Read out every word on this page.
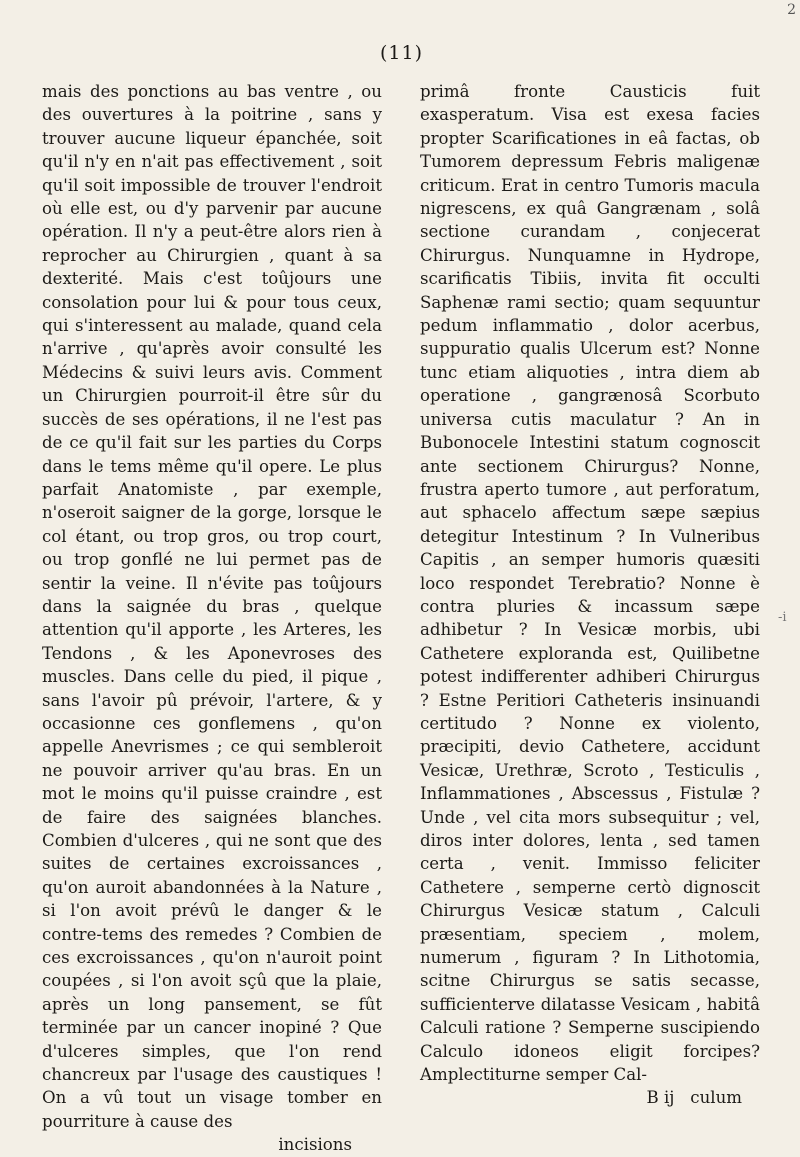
(11)
2

mais des ponctions au bas ventre , ou des ouvertures à la poitrine , sans y trouver aucune liqueur épanchée, soit qu'il n'y en n'ait pas effectivement , soit qu'il soit impossible de trouver l'endroit où elle est, ou d'y parvenir par aucune opération. Il n'y a peut-être alors rien à reprocher au Chirurgien , quant à sa dexterité. Mais c'est toûjours une consolation pour lui & pour tous ceux, qui s'interessent au malade, quand cela n'arrive , qu'après avoir consulté les Médecins & suivi leurs avis. Comment un Chirurgien pourroit-il être sûr du succès de ses opérations, il ne l'est pas de ce qu'il fait sur les parties du Corps dans le tems même qu'il opere. Le plus parfait Anatomiste , par exemple, n'oseroit saigner de la gorge, lorsque le col étant, ou trop gros, ou trop court, ou trop gonflé ne lui permet pas de sentir la veine. Il n'évite pas toûjours dans la saignée du bras , quelque attention qu'il apporte , les Arteres, les Tendons , & les Aponevroses des muscles. Dans celle du pied, il pique , sans l'avoir pû prévoir, l'artere, & y occasionne ces gonflemens , qu'on appelle Anevrismes ; ce qui sembleroit ne pouvoir arriver qu'au bras. En un mot le moins qu'il puisse craindre , est de faire des saignées blanches. Combien d'ulceres , qui ne sont que des suites de certaines excroissances , qu'on auroit abandonnées à la Nature , si l'on avoit prévû le danger & le contre-tems des remedes ? Combien de ces excroissances , qu'on n'auroit point coupées , si l'on avoit sçû que la plaie, après un long pansement, se fût terminée par un cancer inopiné ? Que d'ulceres simples, que l'on rend chancreux par l'usage des caustiques ! On a vû tout un visage tomber en pourriture à cause des

incisions

primâ fronte Causticis fuit exasperatum. Visa est exesa facies propter Scarificationes in eâ factas, ob Tumorem depressum Febris maligenæ criticum. Erat in centro Tumoris macula nigrescens, ex quâ Gangrænam , solâ sectione curandam , conjecerat Chirurgus. Nunquamne in Hydrope, scarificatis Tibiis, invita fit occulti Saphenæ rami sectio; quam sequuntur pedum inflammatio , dolor acerbus, suppuratio qualis Ulcerum est? Nonne tunc etiam aliquoties , intra diem ab operatione , gangrænosâ Scorbuto universa cutis maculatur ? An in Bubonocele Intestini statum cognoscit ante sectionem Chirurgus? Nonne, frustra aperto tumore , aut perforatum, aut sphacelo affectum sæpe sæpius detegitur Intestinum ? In Vulneribus Capitis , an semper humoris quæsiti loco respondet Terebratio? Nonne è contra pluries & incassum sæpe adhibetur ? In Vesicæ morbis, ubi Cathetere exploranda est, Quilibetne potest indifferenter adhiberi Chirurgus ? Estne Peritiori Catheteris insinuandi certitudo ? Nonne ex violento, præcipiti, devio Cathetere, accidunt Vesicæ, Urethræ, Scroto , Testiculis , Inflammationes , Abscessus , Fistulæ ? Unde , vel cita mors subsequitur ; vel, diros inter dolores, lenta , sed tamen certa , venit. Immisso feliciter Cathetere , semperne certò dignoscit Chirurgus Vesicæ statum , Calculi præsentiam, speciem , molem, numerum , figuram ? In Lithotomia, scitne Chirurgus se satis secasse, sufficienterve dilatasse Vesicam , habitâ Calculi ratione ? Semperne suscipiendo Calculo idoneos eligit forcipes? Amplectiturne semper Cal-

B ij culum
-i
